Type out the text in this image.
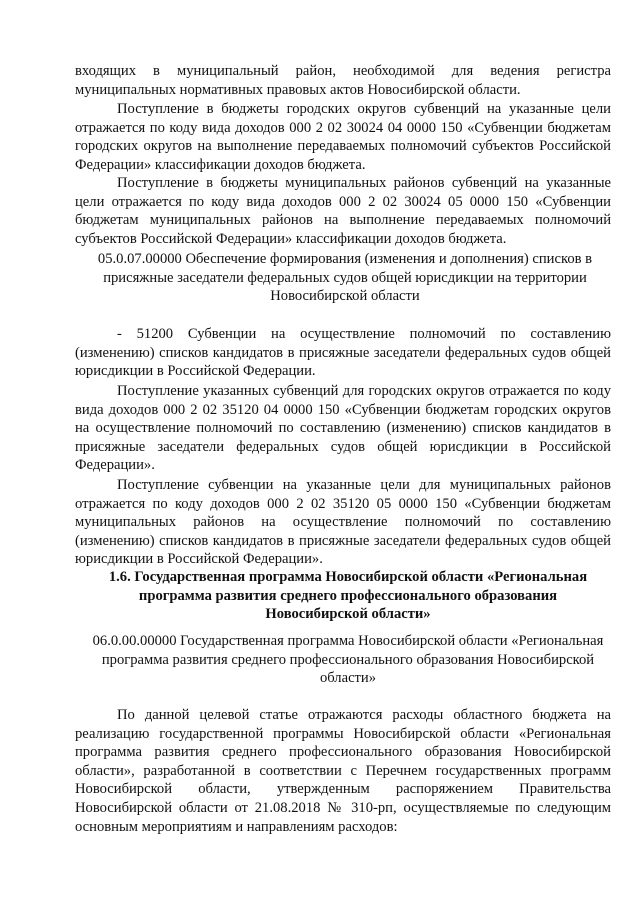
входящих в муниципальный район, необходимой для ведения регистра муниципальных нормативных правовых актов Новосибирской области.

Поступление в бюджеты городских округов субвенций на указанные цели отражается по коду вида доходов 000 2 02 30024 04 0000 150 «Субвенции бюджетам городских округов на выполнение передаваемых полномочий субъектов Российской Федерации» классификации доходов бюджета.

Поступление в бюджеты муниципальных районов субвенций на указанные цели отражается по коду вида доходов 000 2 02 30024 05 0000 150 «Субвенции бюджетам муниципальных районов на выполнение передаваемых полномочий субъектов Российской Федерации» классификации доходов бюджета.

05.0.07.00000 Обеспечение формирования (изменения и дополнения) списков в присяжные заседатели федеральных судов общей юрисдикции на территории Новосибирской области

- 51200 Субвенции на осуществление полномочий по составлению (изменению) списков кандидатов в присяжные заседатели федеральных судов общей юрисдикции в Российской Федерации.

Поступление указанных субвенций для городских округов отражается по коду вида доходов 000 2 02 35120 04 0000 150 «Субвенции бюджетам городских округов на осуществление полномочий по составлению (изменению) списков кандидатов в присяжные заседатели федеральных судов общей юрисдикции в Российской Федерации».

Поступление субвенции на указанные цели для муниципальных районов отражается по коду доходов 000 2 02 35120 05 0000 150 «Субвенции бюджетам муниципальных районов на осуществление полномочий по составлению (изменению) списков кандидатов в присяжные заседатели федеральных судов общей юрисдикции в Российской Федерации».

1.6. Государственная программа Новосибирской области «Региональная программа развития среднего профессионального образования Новосибирской области»

06.0.00.00000 Государственная программа Новосибирской области «Региональная программа развития среднего профессионального образования Новосибирской области»

По данной целевой статье отражаются расходы областного бюджета на реализацию государственной программы Новосибирской области «Региональная программа развития среднего профессионального образования Новосибирской области», разработанной в соответствии с Перечнем государственных программ Новосибирской области, утвержденным распоряжением Правительства Новосибирской области от 21.08.2018 № 310-рп, осуществляемые по следующим основным мероприятиям и направлениям расходов:
